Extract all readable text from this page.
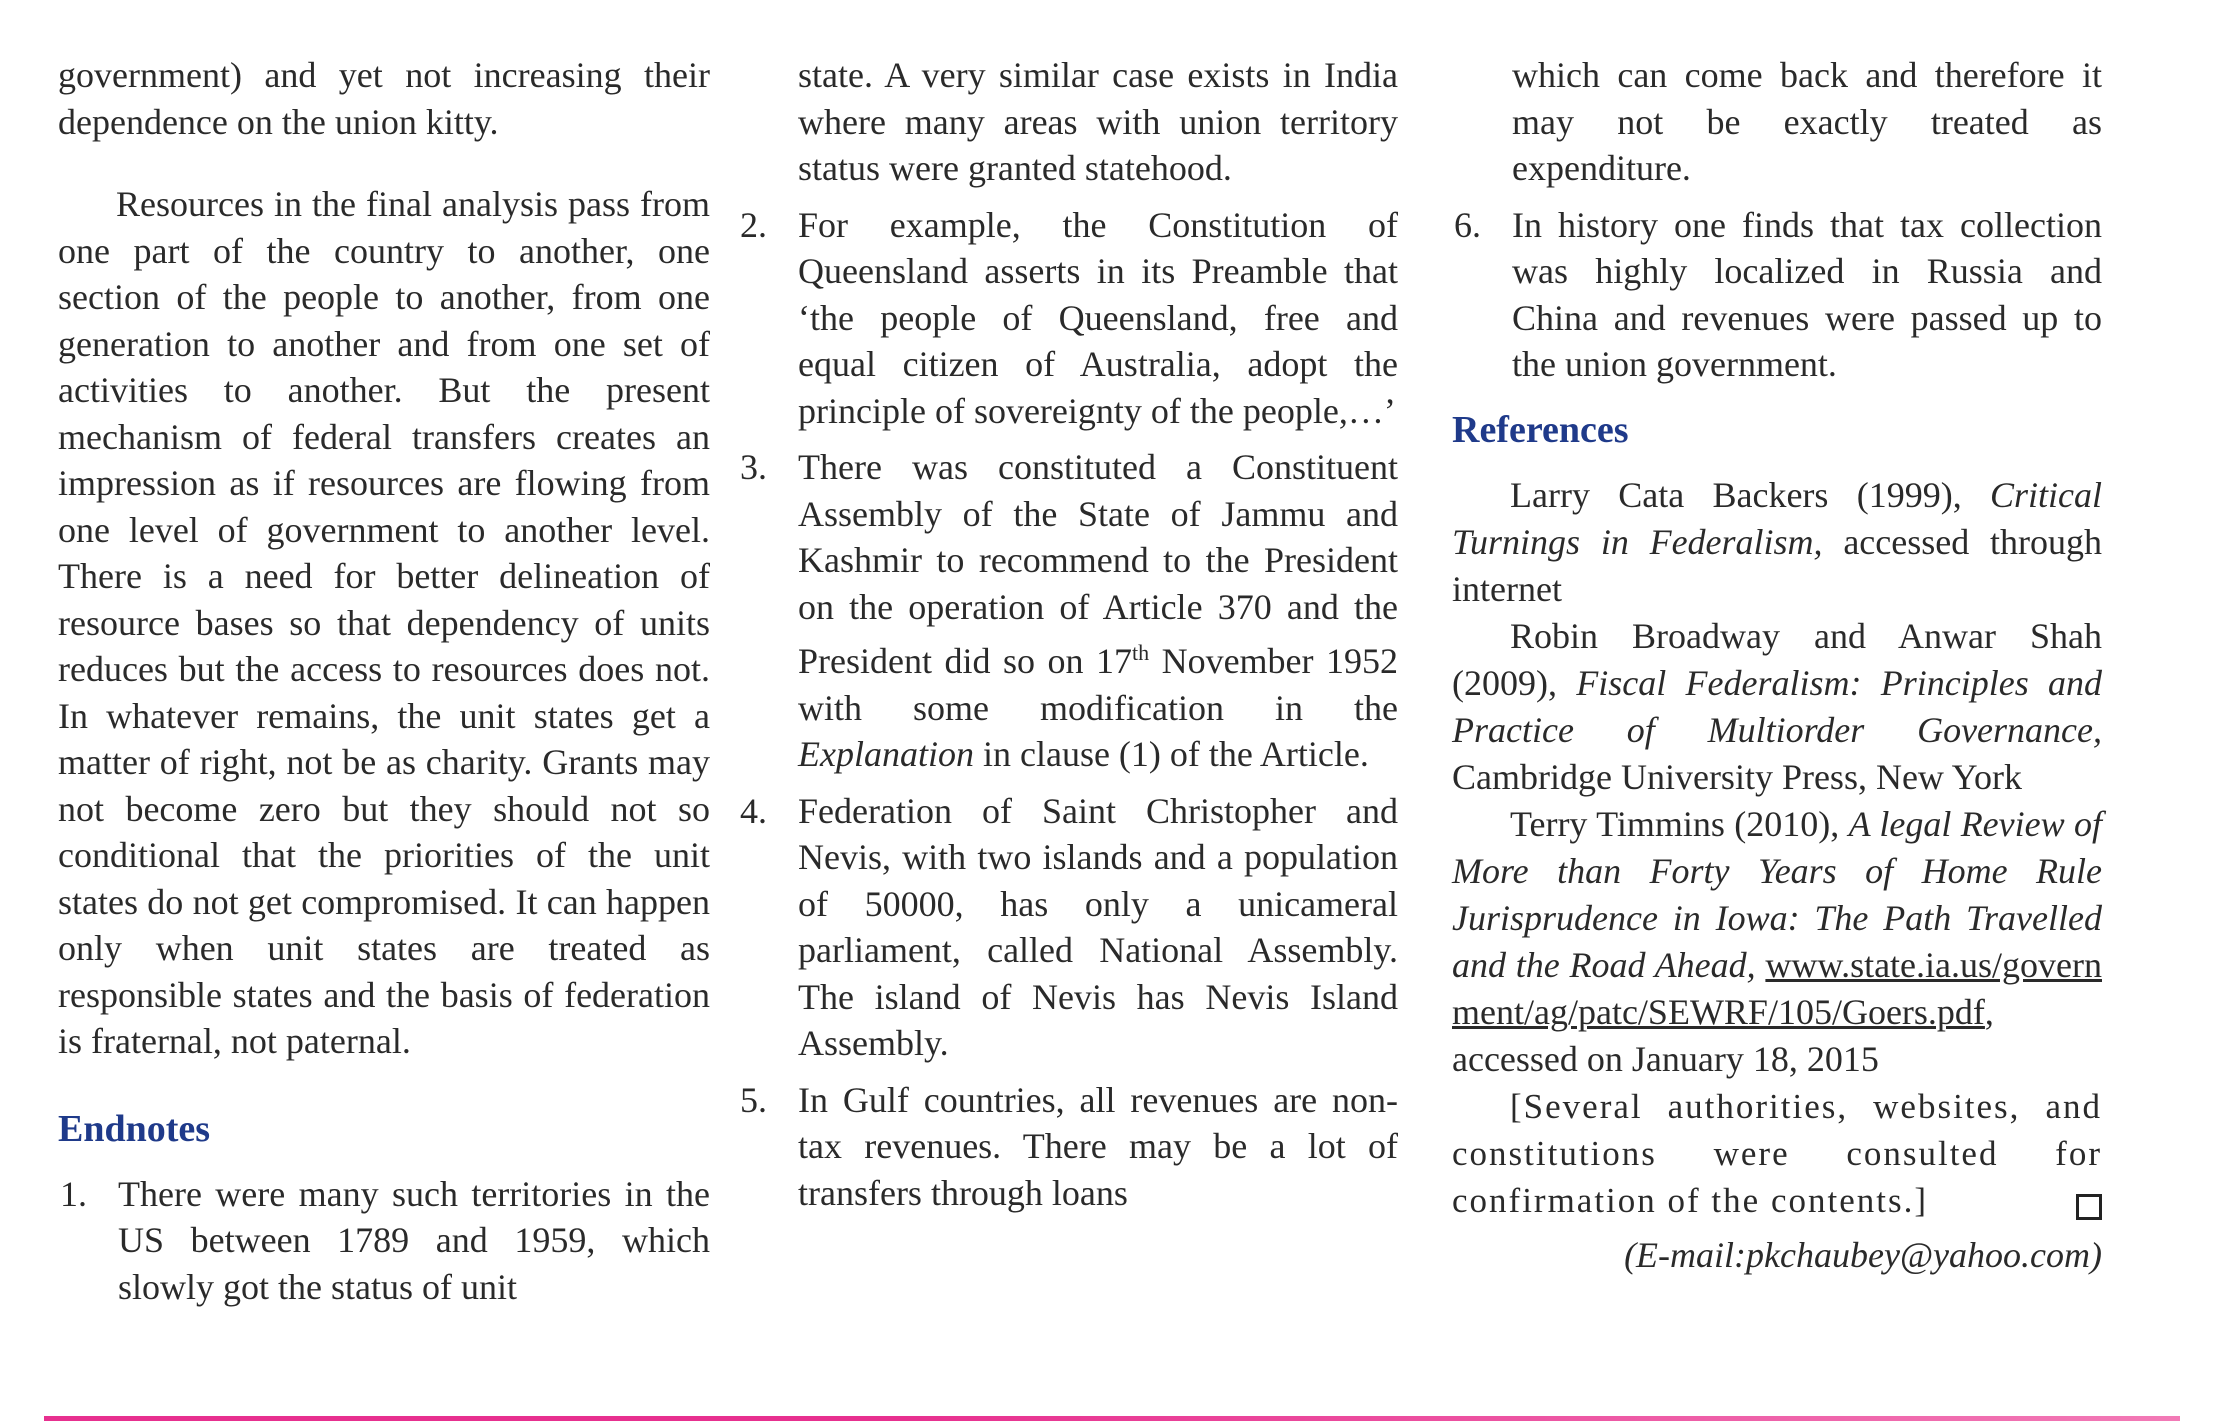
government) and yet not increasing their dependence on the union kitty.

Resources in the final analysis pass from one part of the country to another, one section of the people to another, from one generation to another and from one set of activities to another. But the present mechanism of federal transfers creates an impression as if resources are flowing from one level of government to another level. There is a need for better delineation of resource bases so that dependency of units reduces but the access to resources does not. In whatever remains, the unit states get a matter of right, not be as charity. Grants may not become zero but they should not so conditional that the priorities of the unit states do not get compromised. It can happen only when unit states are treated as responsible states and the basis of federation is fraternal, not paternal.

Endnotes
1. There were many such territories in the US between 1789 and 1959, which slowly got the status of unit
state. A very similar case exists in India where many areas with union territory status were granted statehood.
2. For example, the Constitution of Queensland asserts in its Preamble that ‘the people of Queensland, free and equal citizen of Australia, adopt the principle of sovereignty of the people,…’
3. There was constituted a Constituent Assembly of the State of Jammu and Kashmir to recommend to the President on the operation of Article 370 and the President did so on 17th November 1952 with some modification in the Explanation in clause (1) of the Article.
4. Federation of Saint Christopher and Nevis, with two islands and a population of 50000, has only a unicameral parliament, called National Assembly. The island of Nevis has Nevis Island Assembly.
5. In Gulf countries, all revenues are non-tax revenues. There may be a lot of transfers through loans
which can come back and therefore it may not be exactly treated as expenditure.
6. In history one finds that tax collection was highly localized in Russia and China and revenues were passed up to the union government.
References

Larry Cata Backers (1999), Critical Turnings in Federalism, accessed through internet

Robin Broadway and Anwar Shah (2009), Fiscal Federalism: Principles and Practice of Multiorder Governance, Cambridge University Press, New York

Terry Timmins (2010), A legal Review of More than Forty Years of Home Rule Jurisprudence in Iowa: The Path Travelled and the Road Ahead, www.state.ia.us/government/ag/patc/SEWRF/105/Goers.pdf, accessed on January 18, 2015

[Several authorities, websites, and constitutions were consulted for confirmation of the contents.]

(E-mail:pkchaubey@yahoo.com)
